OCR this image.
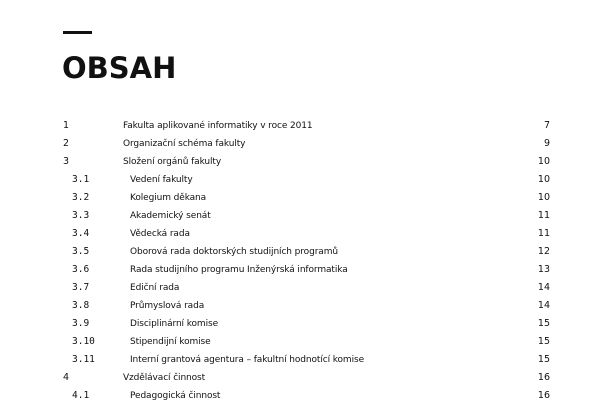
OBSAH
1	Fakulta aplikované informatiky v roce 2011	7
2	Organizační schéma fakulty	9
3	Složení orgánů fakulty	10
3.1	Vedení fakulty	10
3.2	Kolegium děkana	10
3.3	Akademický senát	11
3.4	Vědecká rada	11
3.5	Oborová rada doktorských studijních programů	12
3.6	Rada studijního programu Inženýrská informatika	13
3.7	Ediční rada	14
3.8	Průmyslová rada	14
3.9	Disciplinární komise	15
3.10	Stipendijní komise	15
3.11	Interní grantová agentura – fakultní hodnotící komise	15
4	Vzdělávací činnost	16
4.1	Pedagogická činnost	16
